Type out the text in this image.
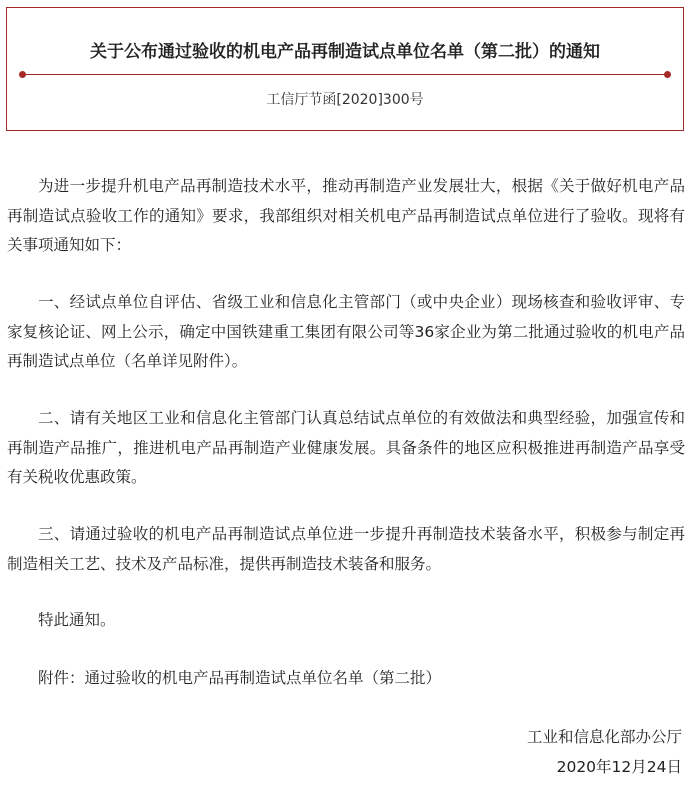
关于公布通过验收的机电产品再制造试点单位名单（第二批）的通知
工信厅节函[2020]300号

为进一步提升机电产品再制造技术水平，推动再制造产业发展壮大，根据《关于做好机电产品再制造试点验收工作的通知》要求，我部组织对相关机电产品再制造试点单位进行了验收。现将有关事项通知如下：

一、经试点单位自评估、省级工业和信息化主管部门（或中央企业）现场核查和验收评审、专家复核论证、网上公示，确定中国铁建重工集团有限公司等36家企业为第二批通过验收的机电产品再制造试点单位（名单详见附件）。

二、请有关地区工业和信息化主管部门认真总结试点单位的有效做法和典型经验，加强宣传和再制造产品推广，推进机电产品再制造产业健康发展。具备条件的地区应积极推进再制造产品享受有关税收优惠政策。

三、请通过验收的机电产品再制造试点单位进一步提升再制造技术装备水平，积极参与制定再制造相关工艺、技术及产品标准，提供再制造技术装备和服务。

特此通知。

附件：通过验收的机电产品再制造试点单位名单（第二批）

工业和信息化部办公厅

2020年12月24日
